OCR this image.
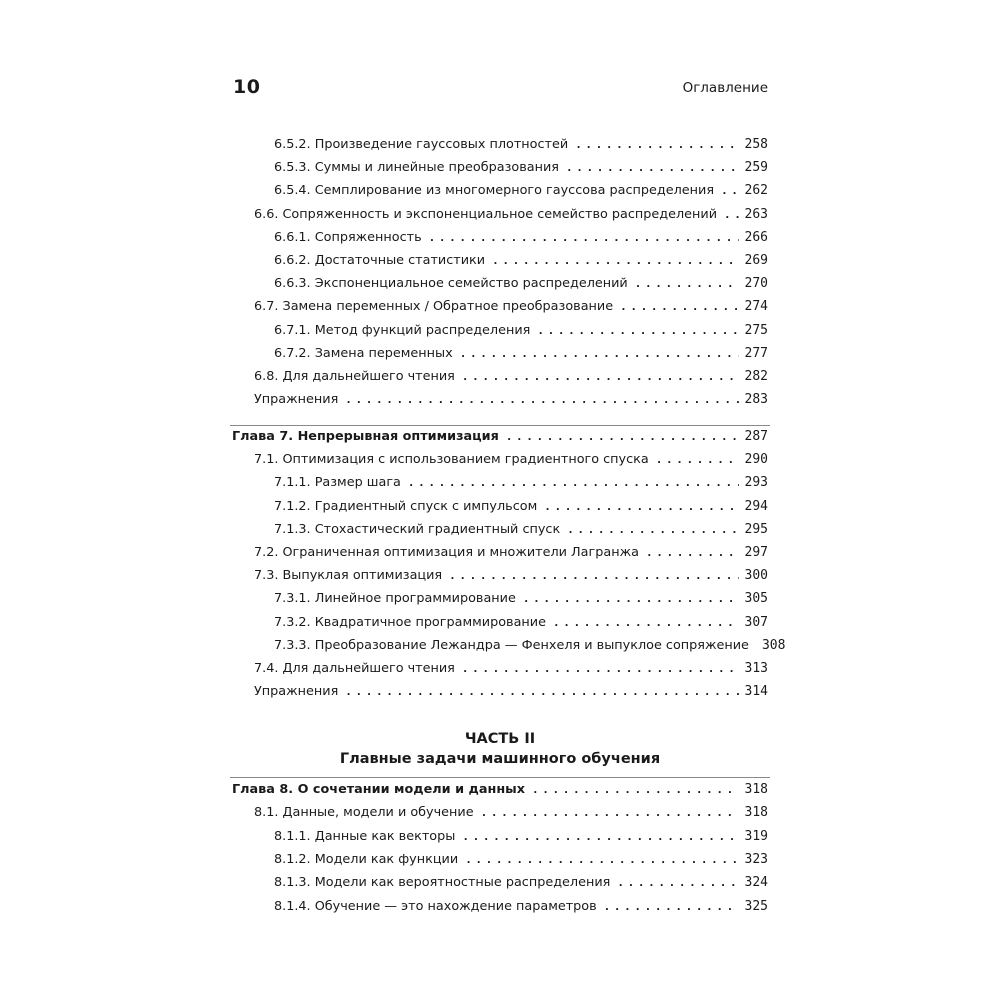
10	Оглавление
6.5.2. Произведение гауссовых плотностей . . .	258
6.5.3. Суммы и линейные преобразования . . .	259
6.5.4. Семплирование из многомерного гауссова распределения . . . 262
6.6. Сопряженность и экспоненциальное семейство распределений . . . 263
6.6.1. Сопряженность . . .	266
6.6.2. Достаточные статистики . . .	269
6.6.3. Экспоненциальное семейство распределений . . .	270
6.7. Замена переменных / Обратное преобразование . . .	274
6.7.1. Метод функций распределения . . .	275
6.7.2. Замена переменных . . .	277
6.8. Для дальнейшего чтения . . .	282
Упражнения . . .	283
Глава 7. Непрерывная оптимизация . . .	287
7.1. Оптимизация с использованием градиентного спуска . . .	290
7.1.1. Размер шага . . .	293
7.1.2. Градиентный спуск с импульсом . . .	294
7.1.3. Стохастический градиентный спуск . . .	295
7.2. Ограниченная оптимизация и множители Лагранжа . . .	297
7.3. Выпуклая оптимизация . . .	300
7.3.1. Линейное программирование . . .	305
7.3.2. Квадратичное программирование . . .	307
7.3.3. Преобразование Лежандра — Фенхеля и выпуклое сопряжение 308
7.4. Для дальнейшего чтения . . .	313
Упражнения . . .	314
ЧАСТЬ II
Главные задачи машинного обучения
Глава 8. О сочетании модели и данных . . .	318
8.1. Данные, модели и обучение . . .	318
8.1.1. Данные как векторы . . .	319
8.1.2. Модели как функции . . .	323
8.1.3. Модели как вероятностные распределения . . .	324
8.1.4. Обучение — это нахождение параметров . . .	325
